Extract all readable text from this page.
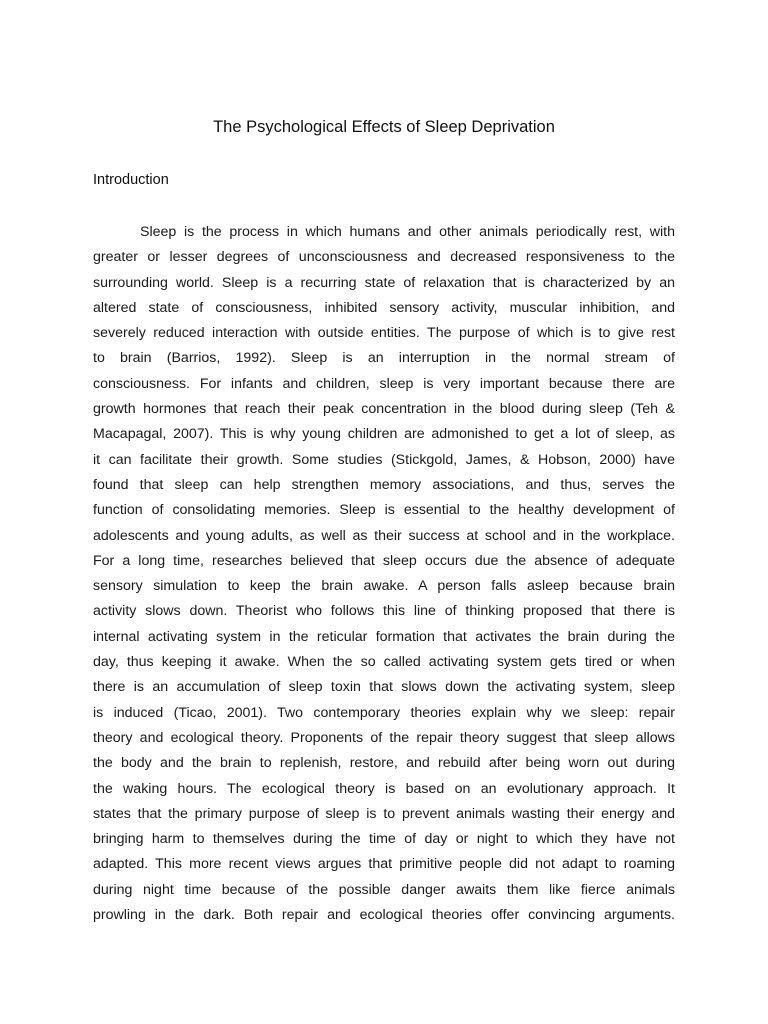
The Psychological Effects of Sleep Deprivation
Introduction
Sleep is the process in which humans and other animals periodically rest, with
greater or lesser degrees of unconsciousness and decreased responsiveness to the
surrounding world. Sleep is a recurring state of relaxation that is characterized by an
altered state of consciousness, inhibited sensory activity, muscular inhibition, and
severely reduced interaction with outside entities. The purpose of which is to give rest
to brain (Barrios, 1992). Sleep is an interruption in the normal stream of
consciousness. For infants and children, sleep is very important because there are
growth hormones that reach their peak concentration in the blood during sleep (Teh &
Macapagal, 2007). This is why young children are admonished to get a lot of sleep, as
it can facilitate their growth. Some studies (Stickgold, James, & Hobson, 2000) have
found that sleep can help strengthen memory associations, and thus, serves the
function of consolidating memories. Sleep is essential to the healthy development of
adolescents and young adults, as well as their success at school and in the workplace.
For a long time, researches believed that sleep occurs due the absence of adequate
sensory simulation to keep the brain awake. A person falls asleep because brain
activity slows down. Theorist who follows this line of thinking proposed that there is
internal activating system in the reticular formation that activates the brain during the
day, thus keeping it awake. When the so called activating system gets tired or when
there is an accumulation of sleep toxin that slows down the activating system, sleep
is induced (Ticao, 2001). Two contemporary theories explain why we sleep: repair
theory and ecological theory. Proponents of the repair theory suggest that sleep allows
the body and the brain to replenish, restore, and rebuild after being worn out during
the waking hours. The ecological theory is based on an evolutionary approach. It
states that the primary purpose of sleep is to prevent animals wasting their energy and
bringing harm to themselves during the time of day or night to which they have not
adapted. This more recent views argues that primitive people did not adapt to roaming
during night time because of the possible danger awaits them like fierce animals
prowling in the dark. Both repair and ecological theories offer convincing arguments.
